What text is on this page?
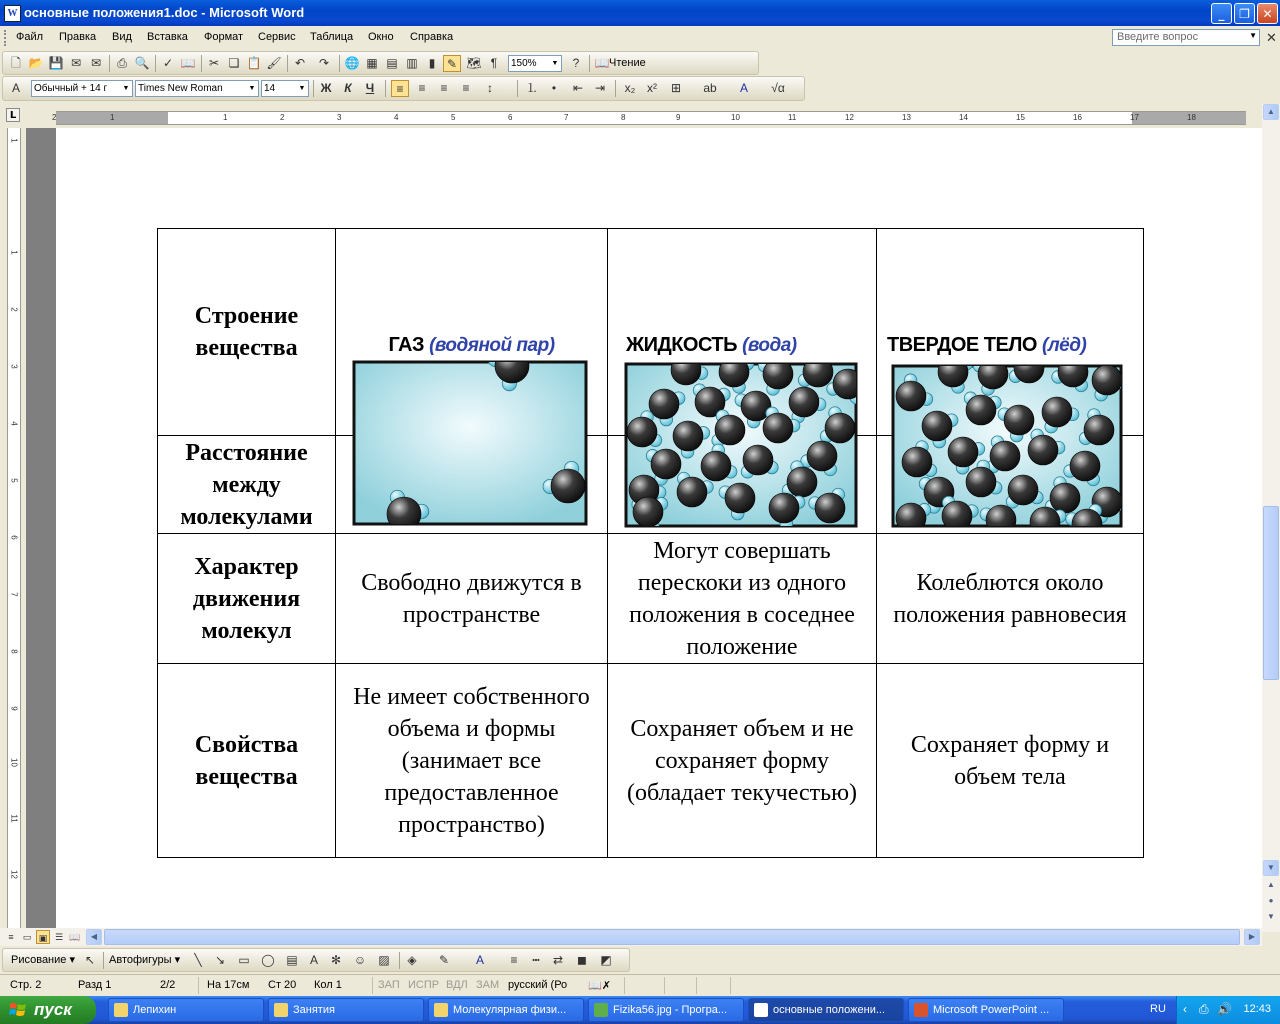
W основные положения1.doc - Microsoft Word	_	❐	✕
Файл Правка Вид Вставка Формат Сервис Таблица Окно Справка	Введите вопрос	▼ ✕
🗋 📂 💾 ✉ ✉	⎙ 🔍	✓ 📖	✂ ❏ 📋 🖌	↶	↷	🌐 ▦ ▤ ▥ ▮ ✎ 🗺 ¶	150% ▼	?	📖 Чтение
A	Обычный + 14 г ▼ Times New Roman	▼ 14	▼ Ж	К	Ч	≡	≡	≡	≡	↕	⒈	•	⇤ ⇥	x₂ x²	⊞	ab	A	√α
2	1	1	2	3	4	5	6	7	8	9	10	11	12	13	14	15	16	17	18
L
1
1
2
3
4
5
6
7
8
9
10
11
12
Строение вещества	ГАЗ (водяной пар)	ЖИДКОСТЬ (вода)	ТВЕРДОЕ ТЕЛО (лёд)

Расстояние между молекулами			
Характер движения молекул	Свободно движутся в пространстве	Могут совершать перескоки из одного положения в соседнее положение	Колеблются около положения равновесия
Свойства вещества	Не имеет собственного объема и формы (занимает все предоставленное пространство)	Сохраняет объем и не сохраняет форму (обладает текучестью)	Сохраняет форму и объем тела
▲
▼
▲
●
▼
≡	▭ ▣ ☰ 📖	◀	▶
Рисование ▾ ↖	Автофигуры ▾	╲	↘	▭ ◯ ▤	A	✻	☺ ▨	◈	✎	A	≡	┅	⇄	◼	◩
Стр. 2	Разд 1	2/2	На 17см Ст 20 Кол 1	ЗАП ИСПР ВДЛ ЗАМ русский (Ро 📖✗
пуск	Лепихин	Занятия	Молекулярная физи...	Fizika56.jpg - Програ...	основные положени...	Microsoft PowerPoint ...	RU ‹ ⎙ 🔊 12:43
